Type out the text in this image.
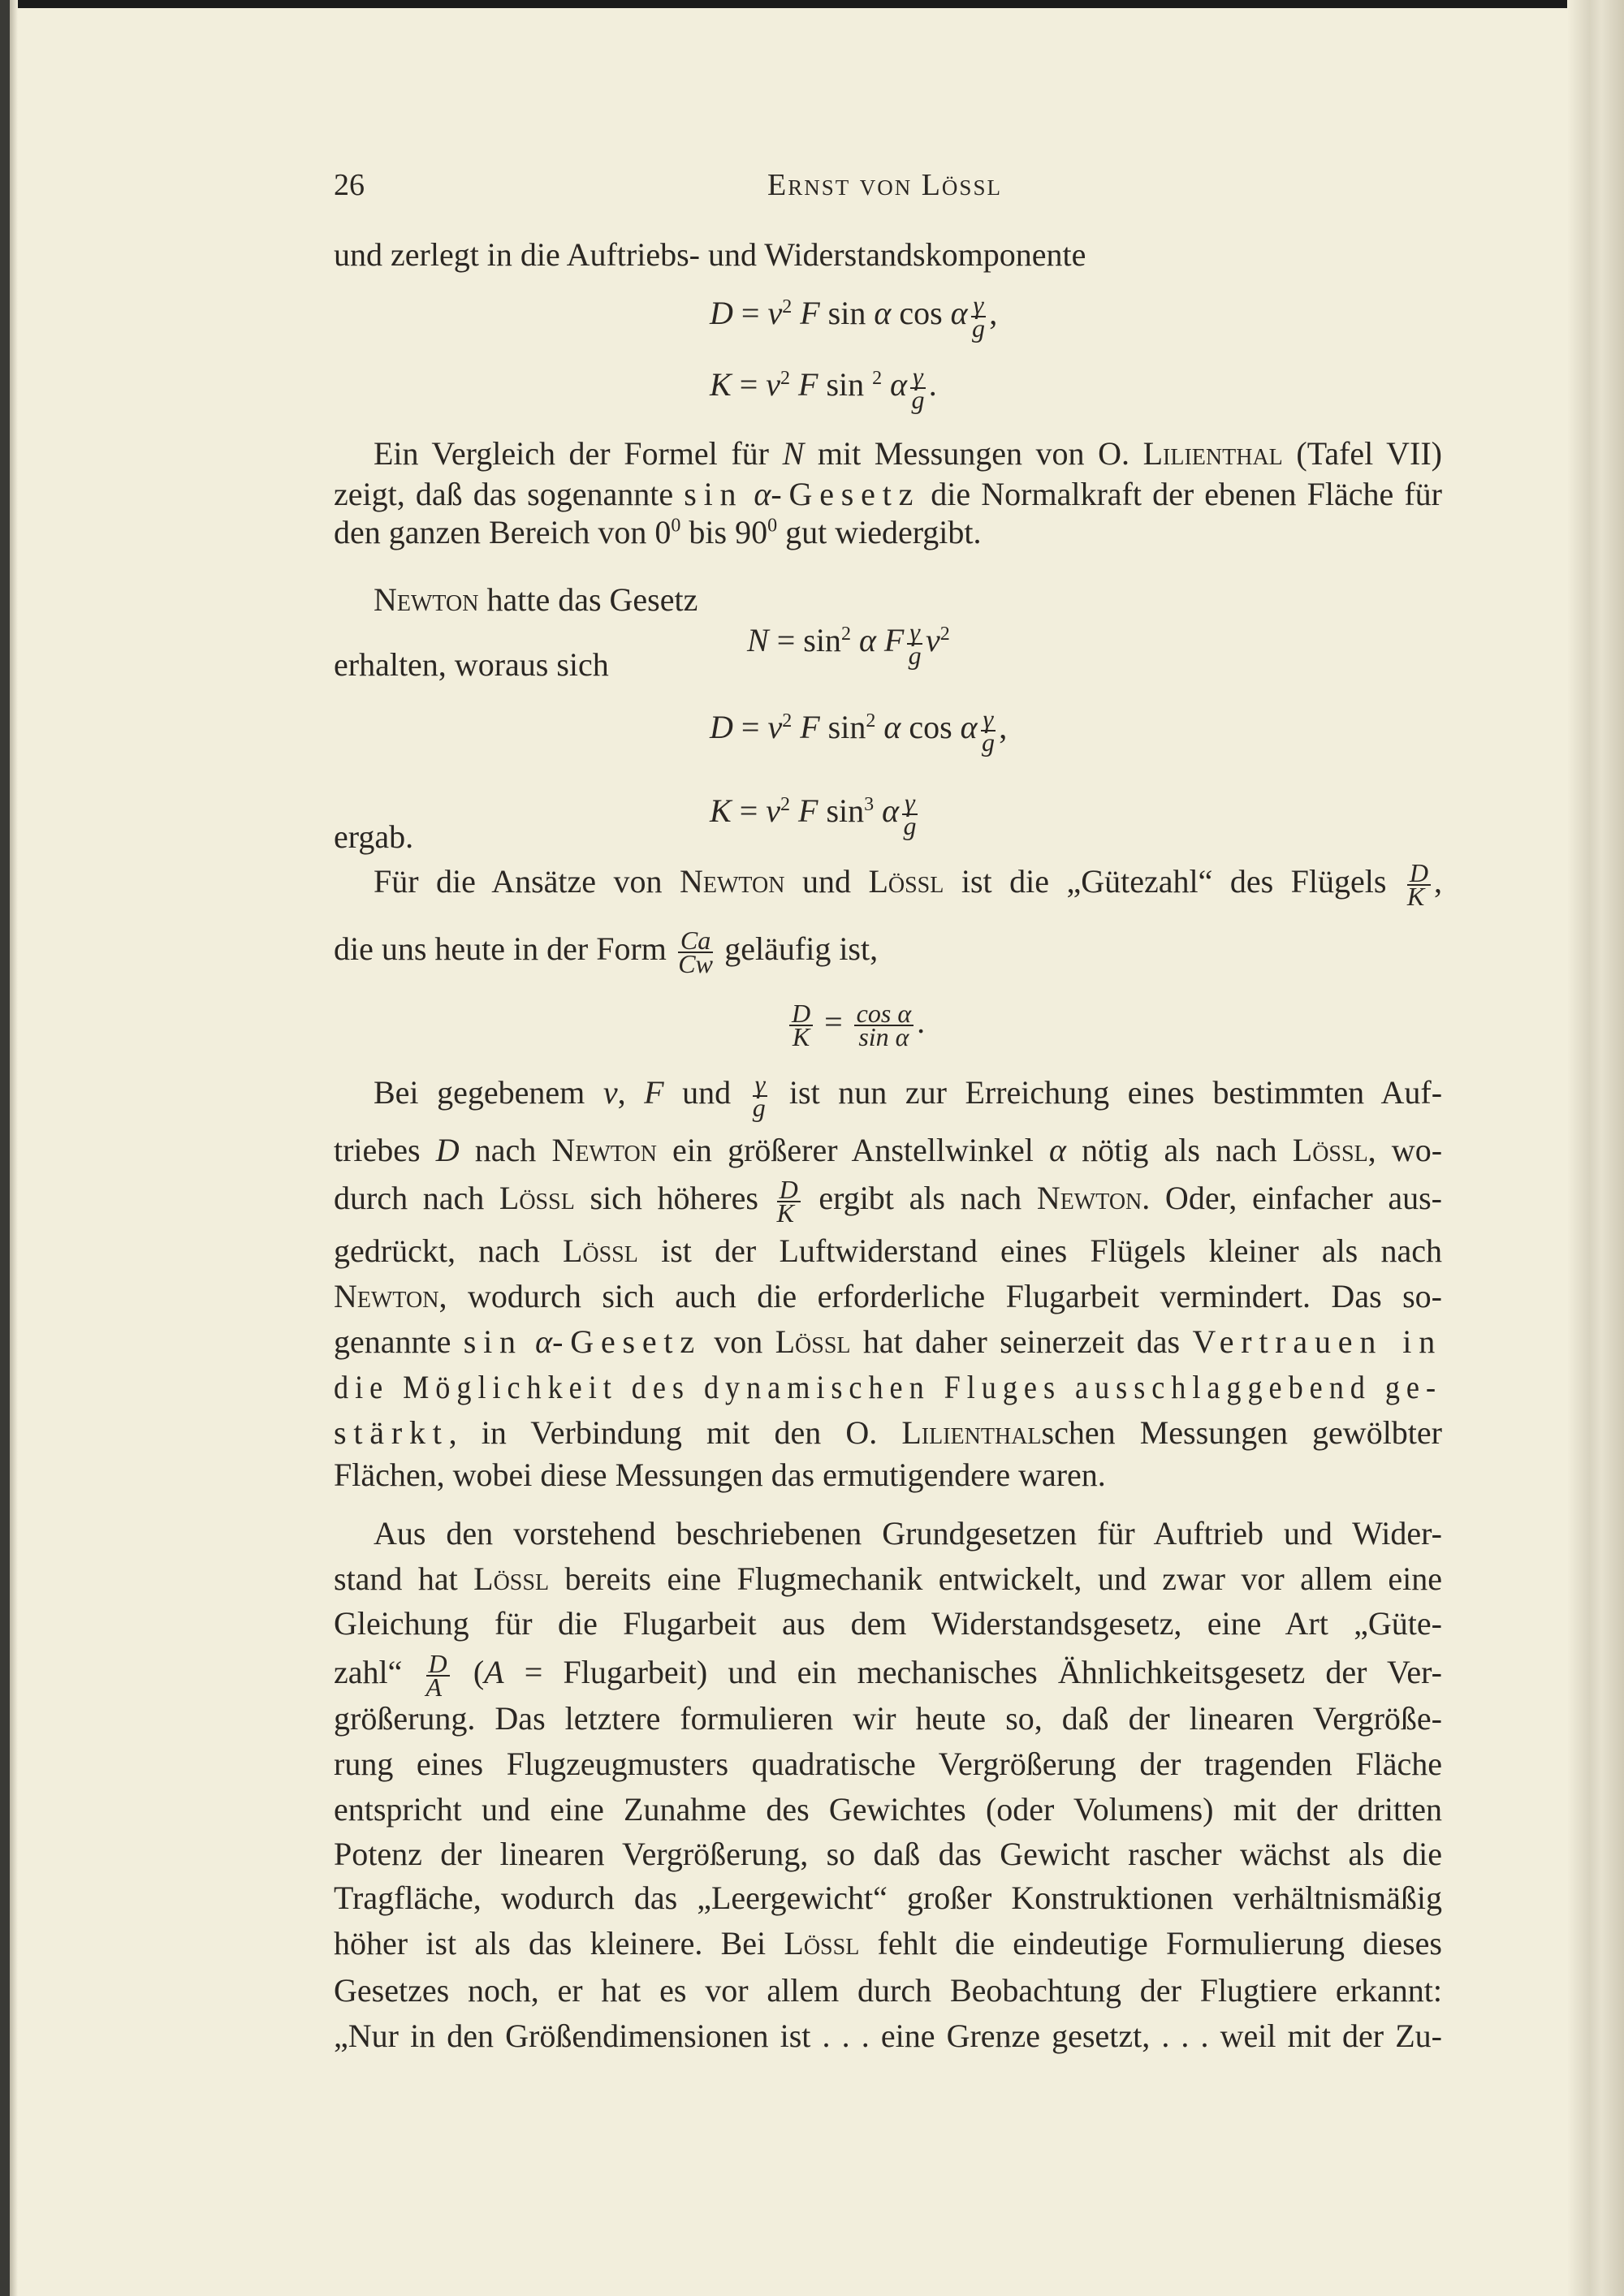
26	Ernst von Lössl
und zerlegt in die Auftriebs- und Widerstandskomponente
$D = v^2$ F sin α cos α $\frac{\gamma}{g}$ ,
$K = v^2$ F sin $^2$ α $\frac{\gamma}{g}$ .
Ein Vergleich der Formel für N mit Messungen von O. Lilienthal (Tafel VII)
zeigt, daß das sogenannte sin α-Gesetz die Normalkraft der ebenen Fläche für
den ganzen Bereich von $0^0$ bis $90^0$ gut wiedergibt.
Newton hatte das Gesetz
$N = \sin^2 \alpha$ F $\frac{\gamma}{g} v^2$
erhalten, woraus sich
$D = v^2$ F $\sin^2 \alpha$ cos α $\frac{\gamma}{g}$ ,
$K = v^2$ F $\sin^3 \alpha \frac{\gamma}{g}$
ergab.
Für die Ansätze von Newton und Lössl ist die „Gütezahl“ des Flügels $\frac{D}{K}$ ,
die uns heute in der Form $\frac{Ca}{Cw}$ geläufig ist,
$\frac{D}{K} = \frac{\text{cos α}}{\text{sin α}}$ .
Bei gegebenem v, F und $\frac{\gamma}{g}$ ist nun zur Erreichung eines bestimmten Auf-
triebes D nach Newton ein größerer Anstellwinkel α nötig als nach Lössl, wo-
durch nach Lössl sich höheres $\frac{D}{K}$ ergibt als nach Newton. Oder, einfacher aus-
gedrückt, nach Lössl ist der Luftwiderstand eines Flügels kleiner als nach
Newton, wodurch sich auch die erforderliche Flugarbeit vermindert. Das so-
genannte sin α-Gesetz von Lössl hat daher seinerzeit das Vertrauen in
die Möglichkeit des dynamischen Fluges ausschlaggebend ge-
stärkt, in Verbindung mit den O. Lilienthalschen Messungen gewölbter
Flächen, wobei diese Messungen das ermutigendere waren.
Aus den vorstehend beschriebenen Grundgesetzen für Auftrieb und Wider-
stand hat Lössl bereits eine Flugmechanik entwickelt, und zwar vor allem eine
Gleichung für die Flugarbeit aus dem Widerstandsgesetz, eine Art „Güte-
zahl“ $\frac{D}{A} (A$ = Flugarbeit) und ein mechanisches Ähnlichkeitsgesetz der Ver-
größerung. Das letztere formulieren wir heute so, daß der linearen Vergröße-
rung eines Flugzeugmusters quadratische Vergrößerung der tragenden Fläche
entspricht und eine Zunahme des Gewichtes (oder Volumens) mit der dritten
Potenz der linearen Vergrößerung, so daß das Gewicht rascher wächst als die
Tragfläche, wodurch das „Leergewicht“ großer Konstruktionen verhältnismäßig
höher ist als das kleinere. Bei Lössl fehlt die eindeutige Formulierung dieses
Gesetzes noch, er hat es vor allem durch Beobachtung der Flugtiere erkannt:
„Nur in den Größendimensionen ist . . . eine Grenze gesetzt, . . . weil mit der Zu-
